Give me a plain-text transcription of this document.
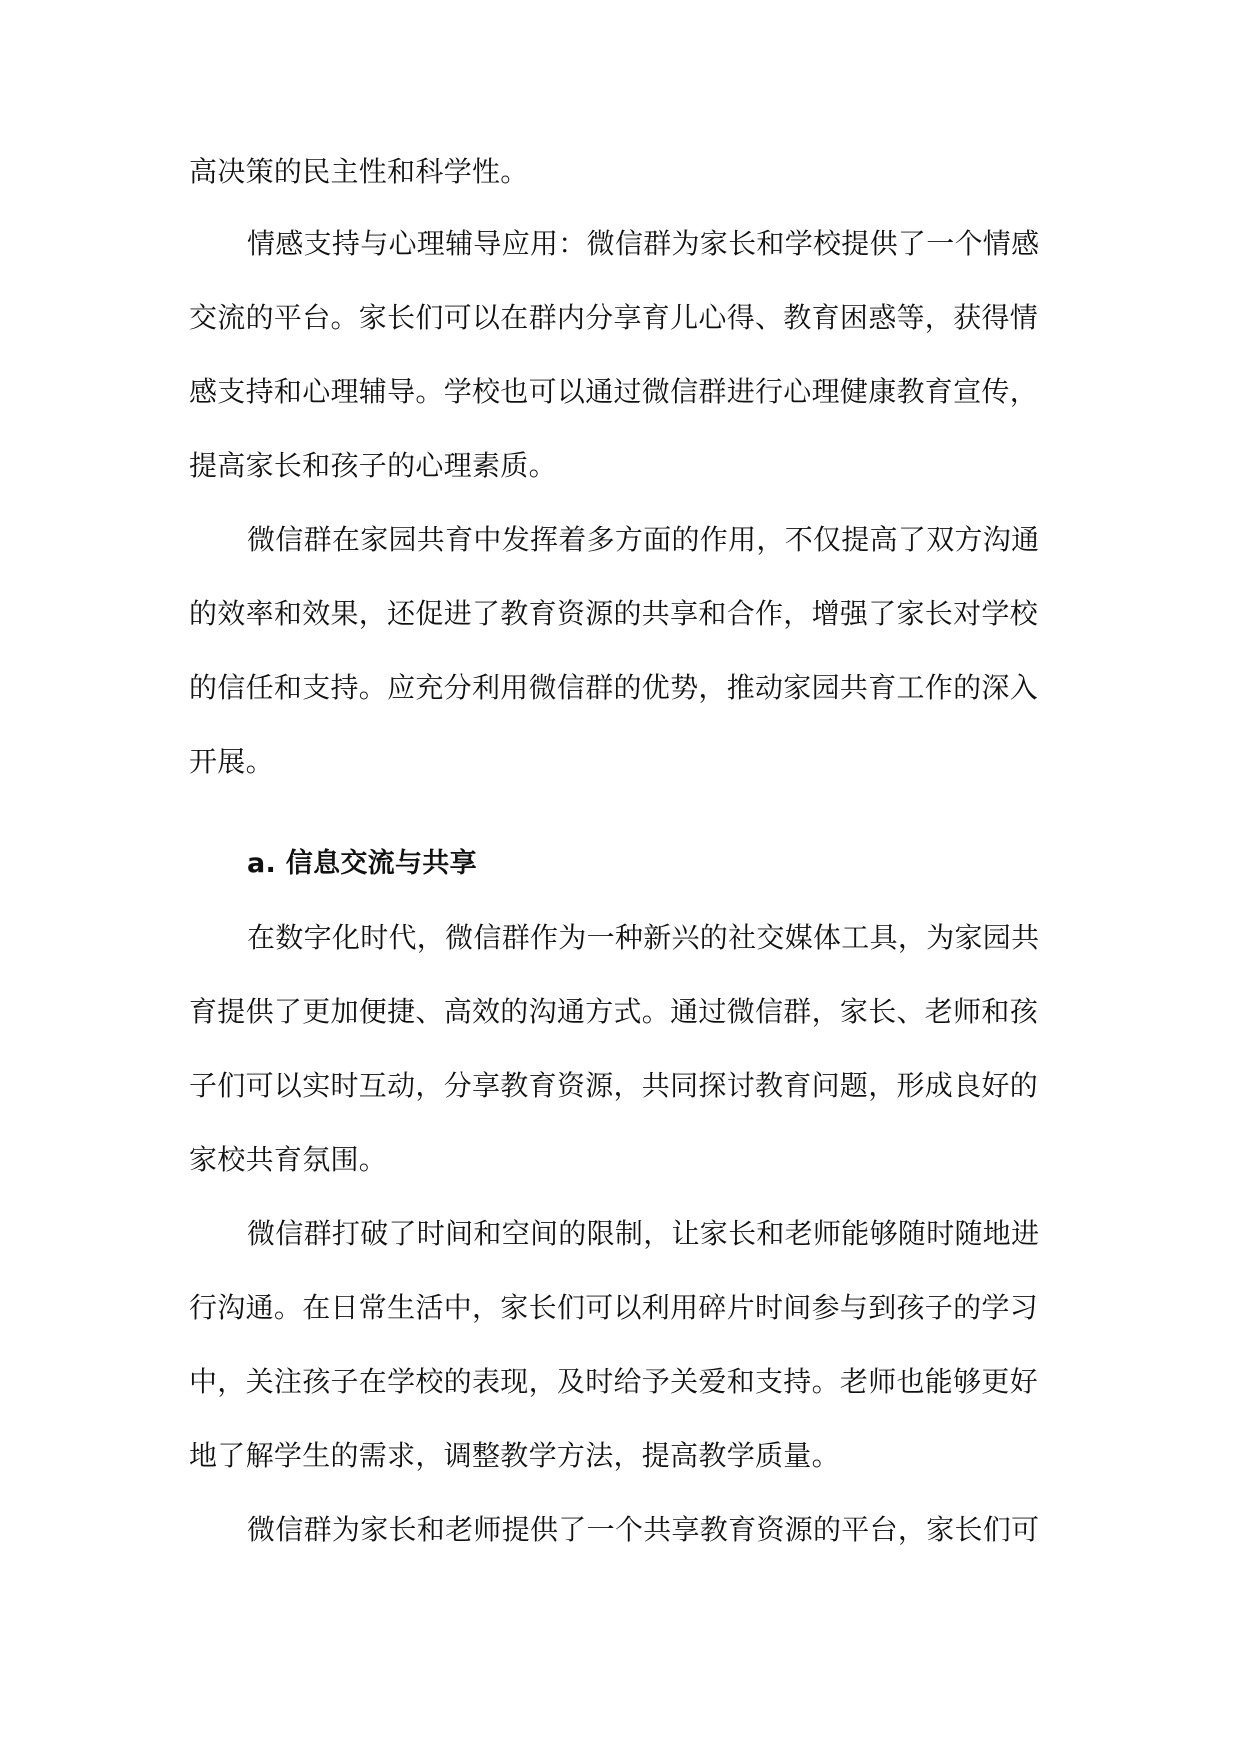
高决策的民主性和科学性。
情感支持与心理辅导应用：微信群为家长和学校提供了一个情感
交流的平台。家长们可以在群内分享育儿心得、教育困惑等，获得情
感支持和心理辅导。学校也可以通过微信群进行心理健康教育宣传，
提高家长和孩子的心理素质。
微信群在家园共育中发挥着多方面的作用，不仅提高了双方沟通
的效率和效果，还促进了教育资源的共享和合作，增强了家长对学校
的信任和支持。应充分利用微信群的优势，推动家园共育工作的深入
开展。
a. 信息交流与共享
在数字化时代，微信群作为一种新兴的社交媒体工具，为家园共
育提供了更加便捷、高效的沟通方式。通过微信群，家长、老师和孩
子们可以实时互动，分享教育资源，共同探讨教育问题，形成良好的
家校共育氛围。
微信群打破了时间和空间的限制，让家长和老师能够随时随地进
行沟通。在日常生活中，家长们可以利用碎片时间参与到孩子的学习
中，关注孩子在学校的表现，及时给予关爱和支持。老师也能够更好
地了解学生的需求，调整教学方法，提高教学质量。
微信群为家长和老师提供了一个共享教育资源的平台，家长们可
